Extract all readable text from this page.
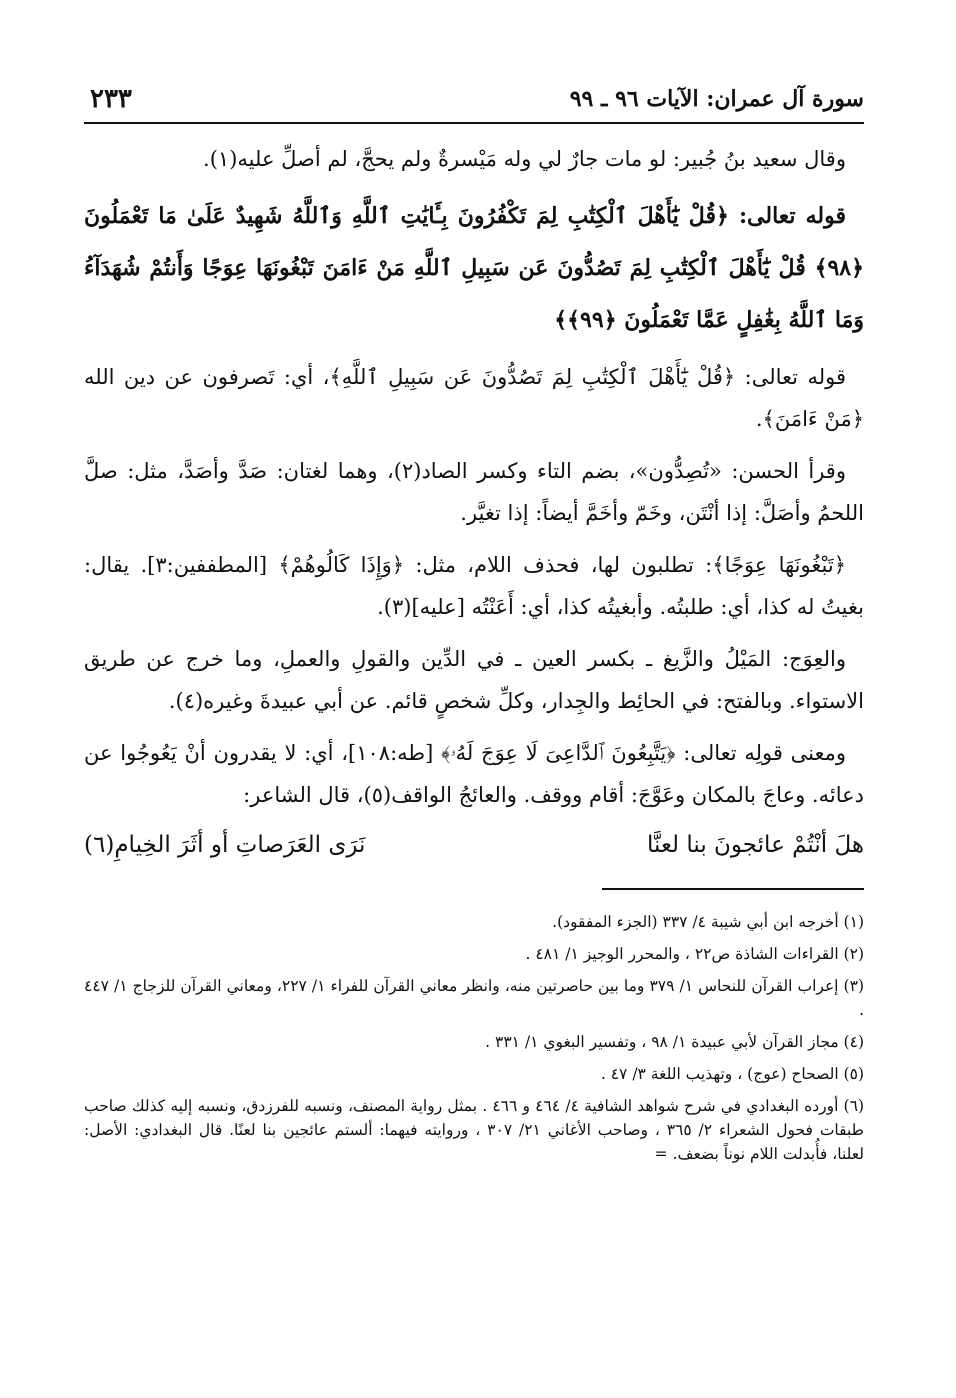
سورة آل عمران: الآيات ٩٦ ـ ٩٩
٢٣٣

وقال سعيد بنُ جُبير: لو مات جارٌ لي وله مَيْسرةٌ ولم يحجَّ، لم أصلِّ عليه(١).

قوله تعالى: ﴿قُلْ يَٰٓأَهْلَ ٱلْكِتَٰبِ لِمَ تَكْفُرُونَ بِـَٔايَٰتِ ٱللَّهِ وَٱللَّهُ شَهِيدٌ عَلَىٰ مَا تَعْمَلُونَ ﴿٩٨﴾ قُلْ يَٰٓأَهْلَ ٱلْكِتَٰبِ لِمَ تَصُدُّونَ عَن سَبِيلِ ٱللَّهِ مَنْ ءَامَنَ تَبْغُونَهَا عِوَجًا وَأَنتُمْ شُهَدَآءُ وَمَا ٱللَّهُ بِغَٰفِلٍ عَمَّا تَعْمَلُونَ ﴿٩٩﴾﴾

قوله تعالى: ﴿قُلْ يَٰٓأَهْلَ ٱلْكِتَٰبِ لِمَ تَصُدُّونَ عَن سَبِيلِ ٱللَّهِ﴾، أي: تَصرفون عن دين الله ﴿مَنْ ءَامَنَ﴾.

وقرأ الحسن: «تُصِدُّون»، بضم التاء وكسر الصاد(٢)، وهما لغتان: صَدَّ وأصَدَّ، مثل: صلَّ اللحمُ وأصَلَّ: إذا أنْتَن، وخَمّ وأخَمَّ أيضاً: إذا تغيَّر.

﴿تَبْغُونَهَا عِوَجًا﴾: تطلبون لها، فحذف اللام، مثل: ﴿وَإِذَا كَالُوهُمْ﴾ [المطففين:٣]. يقال: بغيتُ له كذا، أي: طلبتُه. وأبغيتُه كذا، أي: أَعَنْتُه [عليه](٣).

والعِوَج: المَيْلُ والزَّيغ ـ بكسر العين ـ في الدِّين والقولِ والعملِ، وما خرج عن طريق الاستواء. وبالفتح: في الحائِط والجِدار، وكلِّ شخصٍ قائم. عن أبي عبيدةَ وغيره(٤).

ومعنى قولِه تعالى: ﴿يَتَّبِعُونَ ٱلدَّاعِىَ لَا عِوَجَ لَهُۥ﴾ [طه:١٠٨]، أي: لا يقدرون أنْ يَعُوجُوا عن دعائه. وعاجَ بالمكان وعَوَّجَ: أقام ووقف. والعائجُ الواقف(٥)، قال الشاعر:

هلَ أنْتُمْ عائجونَ بنا لعنَّا
نَرَى العَرَصاتِ أو أثَرَ الخِيامِ(٦)

(١) أخرجه ابن أبي شيبة ٤/ ٣٣٧ (الجزء المفقود).

(٢) القراءات الشاذة ص٢٢ ، والمحرر الوجيز ١/ ٤٨١ .

(٣) إعراب القرآن للنحاس ١/ ٣٧٩ وما بين حاصرتين منه، وانظر معاني القرآن للفراء ١/ ٢٢٧، ومعاني القرآن للزجاج ١/ ٤٤٧ .

(٤) مجاز القرآن لأبي عبيدة ١/ ٩٨ ، وتفسير البغوي ١/ ٣٣١ .

(٥) الصحاح (عوج) ، وتهذيب اللغة ٣/ ٤٧ .

(٦) أورده البغدادي في شرح شواهد الشافية ٤/ ٤٦٤ و ٤٦٦ . بمثل رواية المصنف، ونسبه للفرزدق، ونسبه إليه كذلك صاحب طبقات فحول الشعراء ٢/ ٣٦٥ ، وصاحب الأغاني ٢١/ ٣٠٧ ، وروايته فيهما: ألستم عائجين بنا لعنًا. قال البغدادي: الأصل: لعلنا، فأُبدلت اللام نوناً بضعف. =
